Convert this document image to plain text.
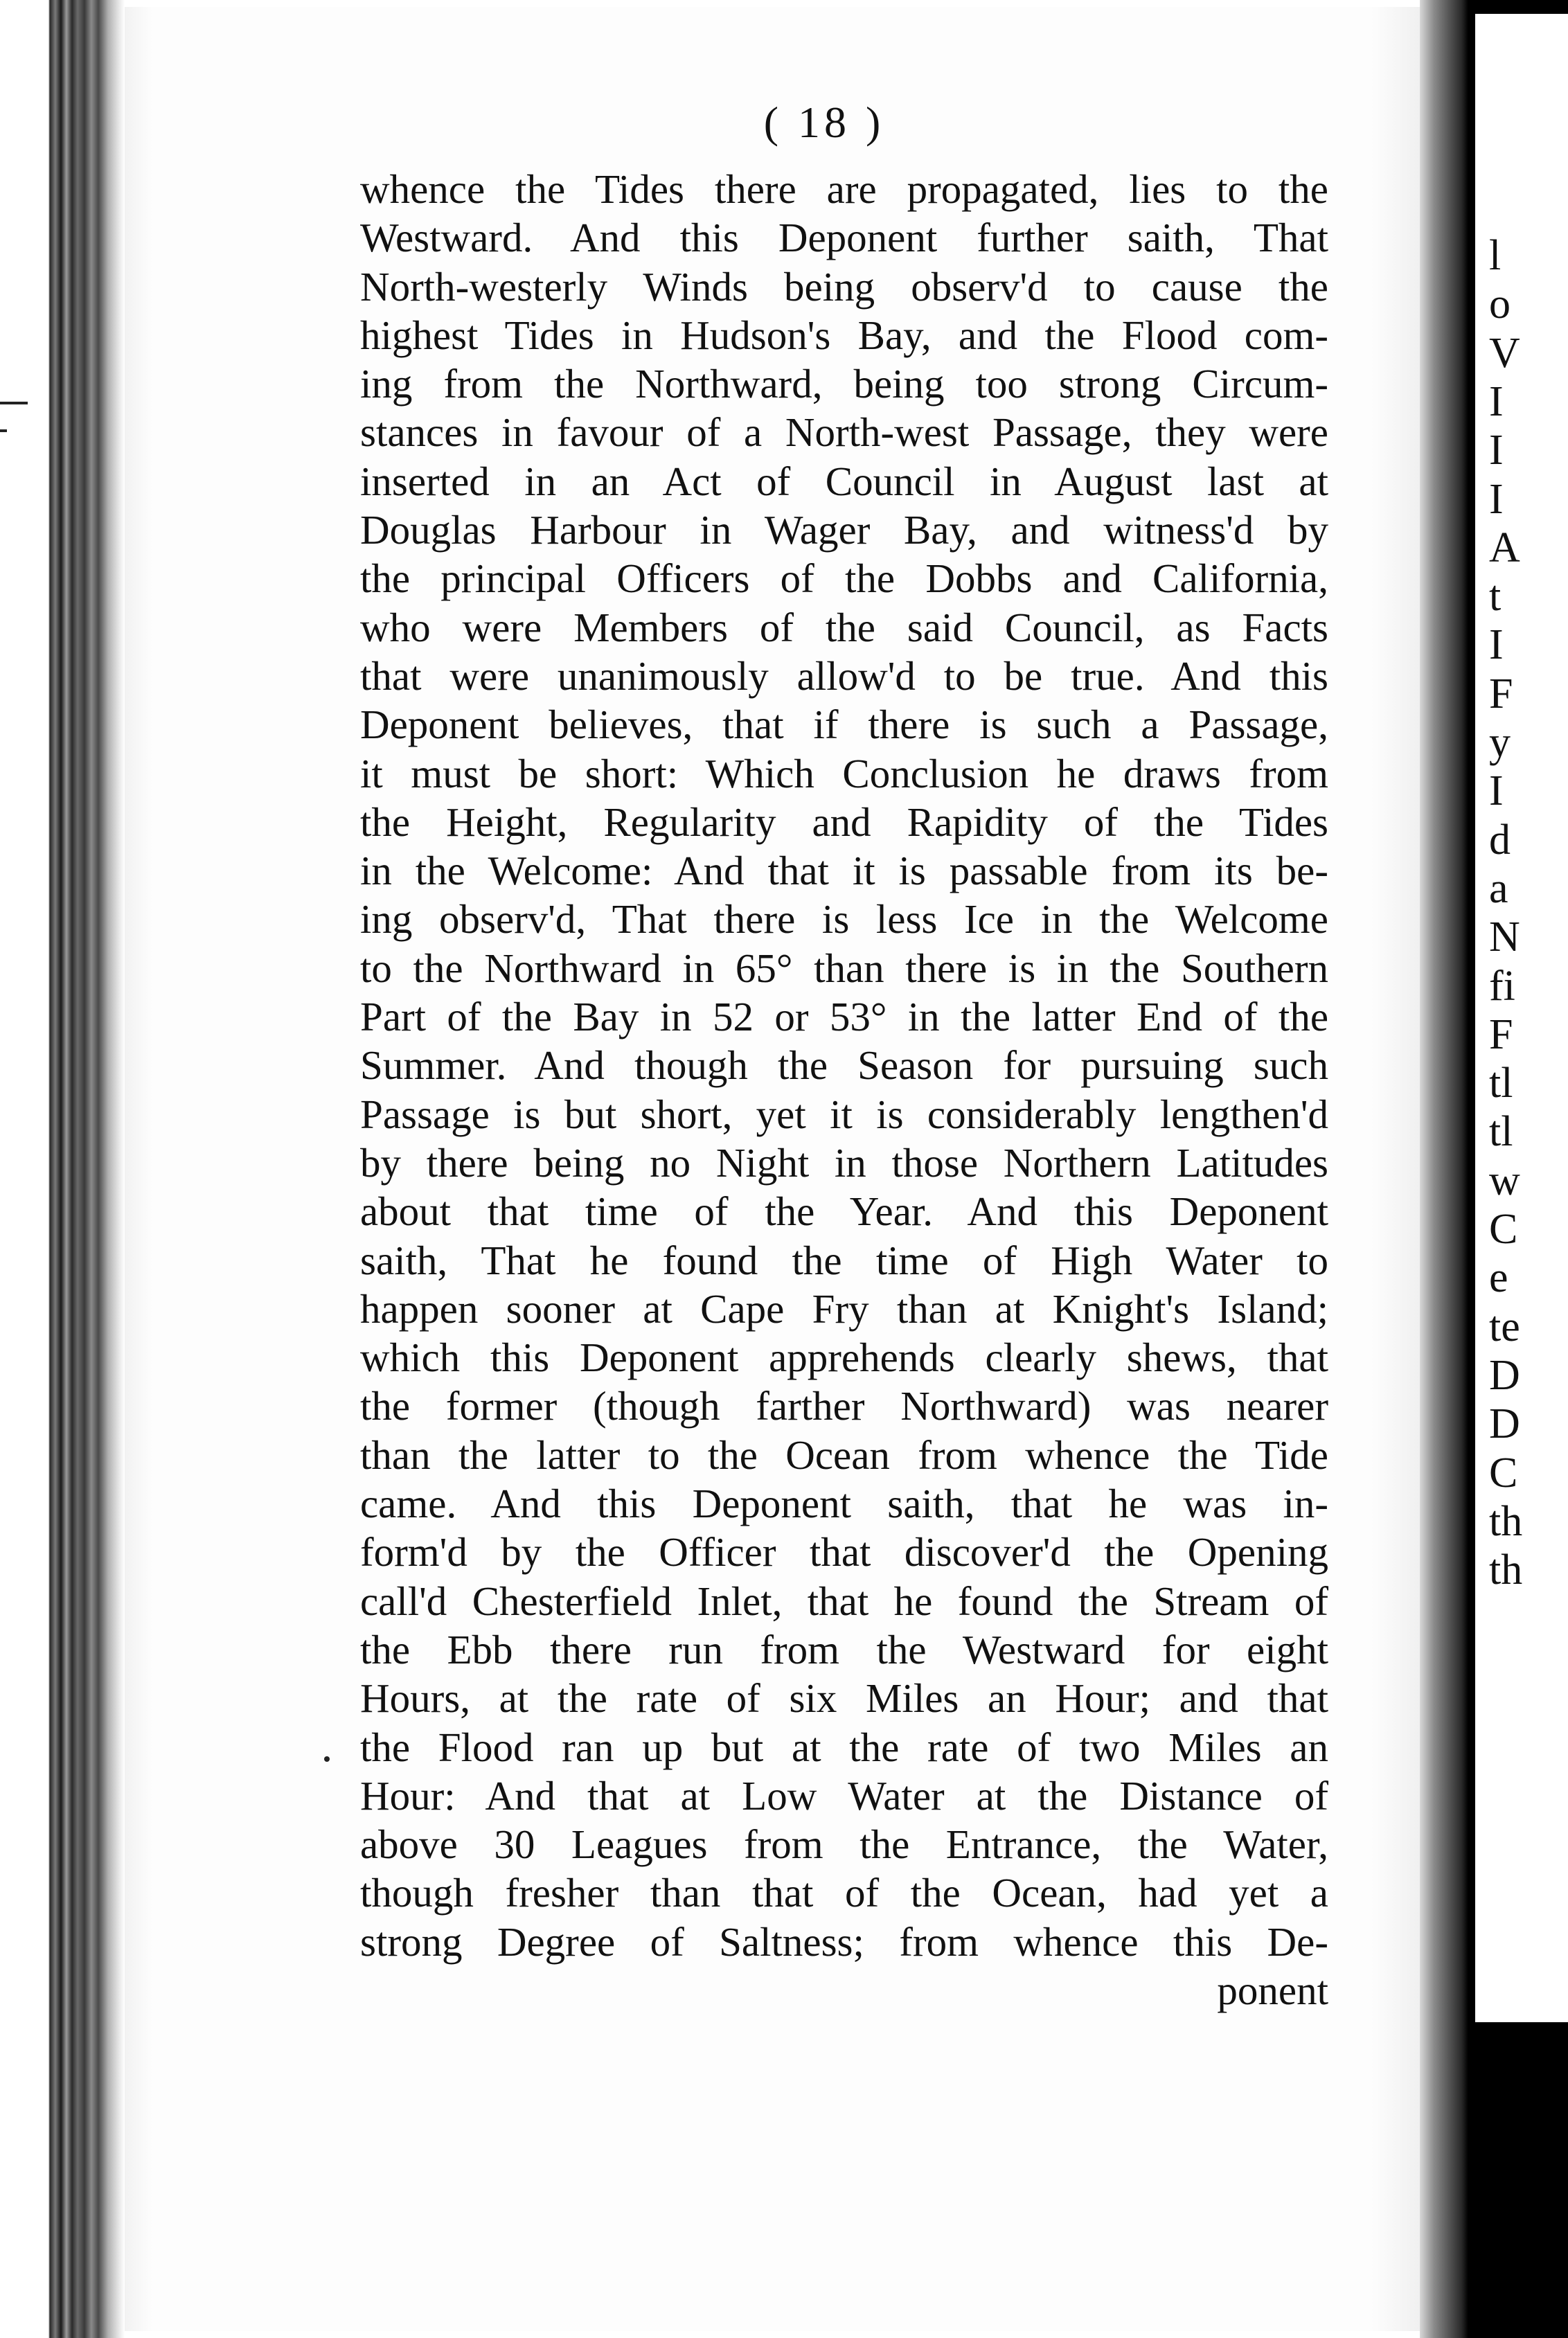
( 18 )
whence the Tides there are propagated, lies to the
Westward. And this Deponent further saith, That
North-westerly Winds being observ'd to cause the
highest Tides in Hudson's Bay, and the Flood com-
ing from the Northward, being too strong Circum-
stances in favour of a North-west Passage, they were
inserted in an Act of Council in August last at
Douglas Harbour in Wager Bay, and witness'd by
the principal Officers of the Dobbs and California,
who were Members of the said Council, as Facts
that were unanimously allow'd to be true. And this
Deponent believes, that if there is such a Passage,
it must be short: Which Conclusion he draws from
the Height, Regularity and Rapidity of the Tides
in the Welcome: And that it is passable from its be-
ing observ'd, That there is less Ice in the Welcome
to the Northward in 65° than there is in the Southern
Part of the Bay in 52 or 53° in the latter End of the
Summer. And though the Season for pursuing such
Passage is but short, yet it is considerably lengthen'd
by there being no Night in those Northern Latitudes
about that time of the Year. And this Deponent
saith, That he found the time of High Water to
happen sooner at Cape Fry than at Knight's Island;
which this Deponent apprehends clearly shews, that
the former (though farther Northward) was nearer
than the latter to the Ocean from whence the Tide
came. And this Deponent saith, that he was in-
form'd by the Officer that discover'd the Opening
call'd Chesterfield Inlet, that he found the Stream of
the Ebb there run from the Westward for eight
Hours, at the rate of six Miles an Hour; and that
the Flood ran up but at the rate of two Miles an
Hour: And that at Low Water at the Distance of
above 30 Leagues from the Entrance, the Water,
though fresher than that of the Ocean, had yet a
strong Degree of Saltness; from whence this De-
ponent
l
o
V
I
I
I
A
t
I
F
y
I
d
a
N
fi
F
tl
tl
w
C
e
te
D
D
C
th
th
